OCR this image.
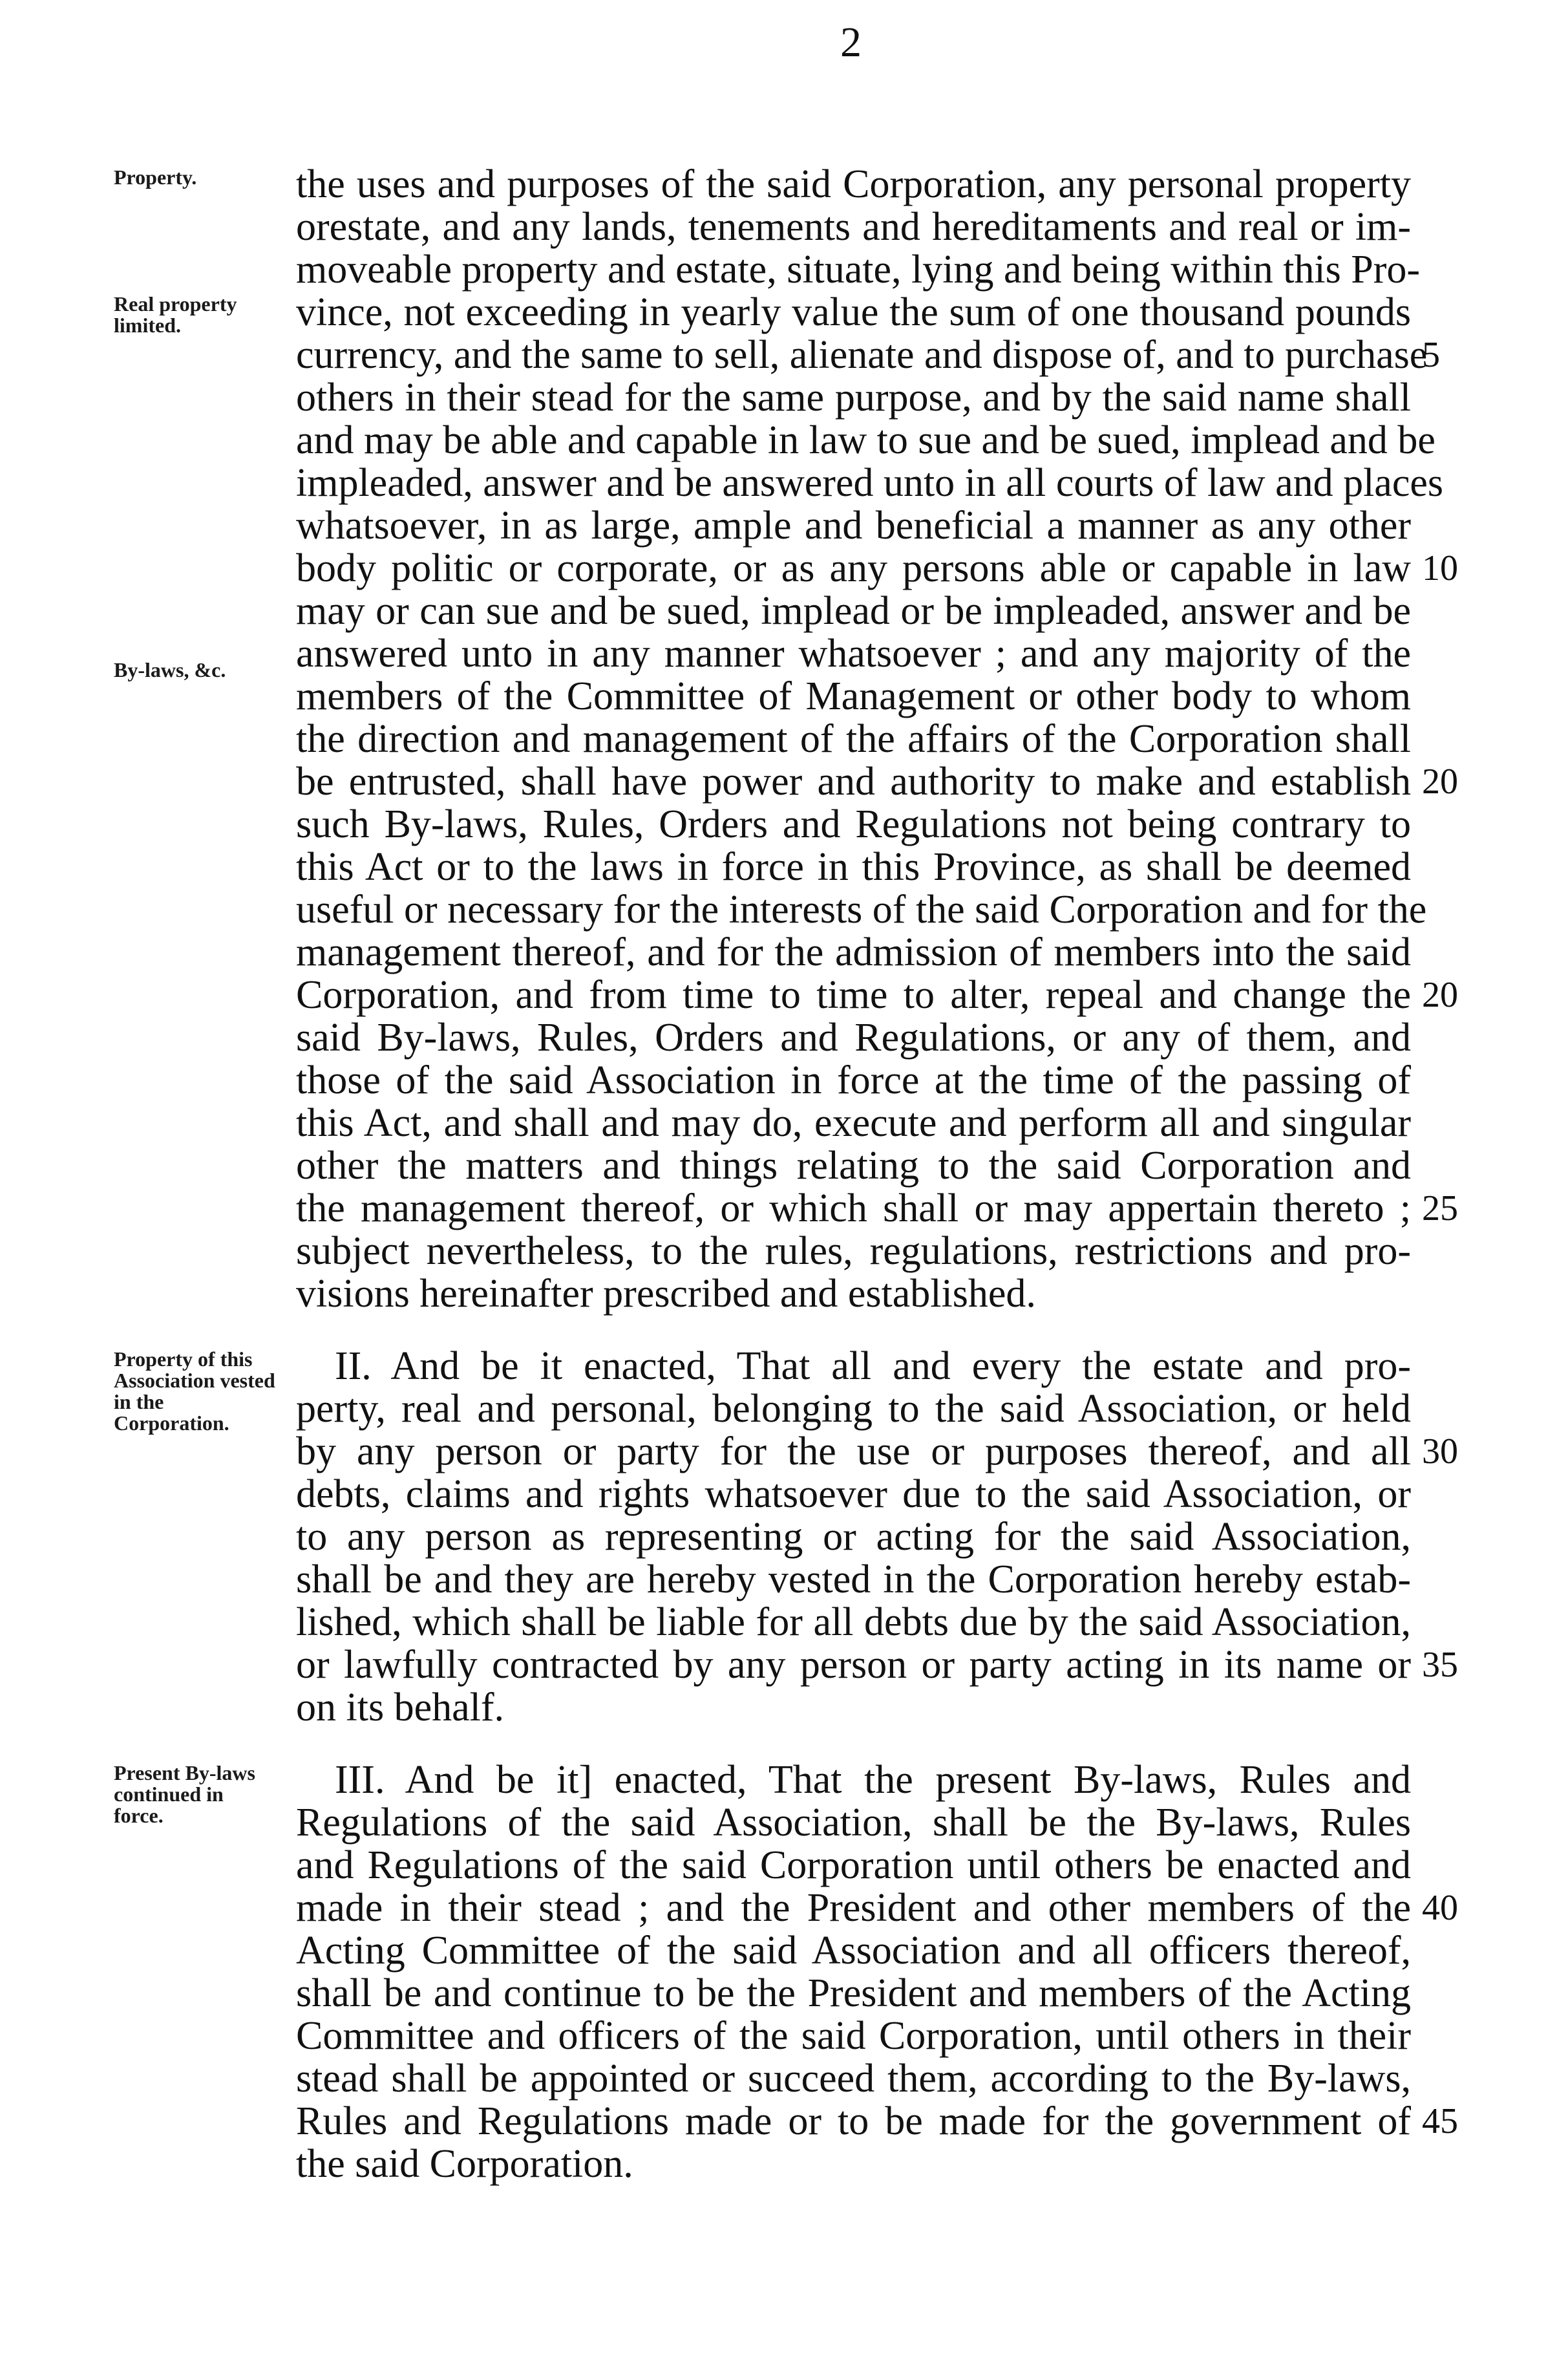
2
Property.
Real property limited.
By-laws, &c.
the uses and purposes of the said Corporation, any personal property
orestate, and any lands, tenements and hereditaments and real or im-
moveable property and estate, situate, lying and being within this Pro-
vince, not exceeding in yearly value the sum of one thousand pounds
currency, and the same to sell, alienate and dispose of, and to purchase
others in their stead for the same purpose, and by the said name shall
and may be able and capable in law to sue and be sued, implead and be
impleaded, answer and be answered unto in all courts of law and places
whatsoever, in as large, ample and beneficial a manner as any other
body politic or corporate, or as any persons able or capable in law
may or can sue and be sued, implead or be impleaded, answer and be
answered unto in any manner whatsoever ; and any majority of the
members of the Committee of Management or other body to whom
the direction and management of the affairs of the Corporation shall
be entrusted, shall have power and authority to make and establish
such By-laws, Rules, Orders and Regulations not being contrary to
this Act or to the laws in force in this Province, as shall be deemed
useful or necessary for the interests of the said Corporation and for the
management thereof, and for the admission of members into the said
Corporation, and from time to time to alter, repeal and change the
said By-laws, Rules, Orders and Regulations, or any of them, and
those of the said Association in force at the time of the passing of
this Act, and shall and may do, execute and perform all and singular
other the matters and things relating to the said Corporation and
the management thereof, or which shall or may appertain thereto ;
subject nevertheless, to the rules, regulations, restrictions and pro-
visions hereinafter prescribed and established.
5
10
20
20
25
Property of this Association vested in the Corporation.
II. And be it enacted, That all and every the estate and pro-
perty, real and personal, belonging to the said Association, or held
by any person or party for the use or purposes thereof, and all
debts, claims and rights whatsoever due to the said Association, or
to any person as representing or acting for the said Association,
shall be and they are hereby vested in the Corporation hereby estab-
lished, which shall be liable for all debts due by the said Association,
or lawfully contracted by any person or party acting in its name or
on its behalf.
30
35
Present By-laws continued in force.
III. And be it] enacted, That the present By-laws, Rules and
Regulations of the said Association, shall be the By-laws, Rules
and Regulations of the said Corporation until others be enacted and
made in their stead ; and the President and other members of the
Acting Committee of the said Association and all officers thereof,
shall be and continue to be the President and members of the Acting
Committee and officers of the said Corporation, until others in their
stead shall be appointed or succeed them, according to the By-laws,
Rules and Regulations made or to be made for the government of
the said Corporation.
40
45
